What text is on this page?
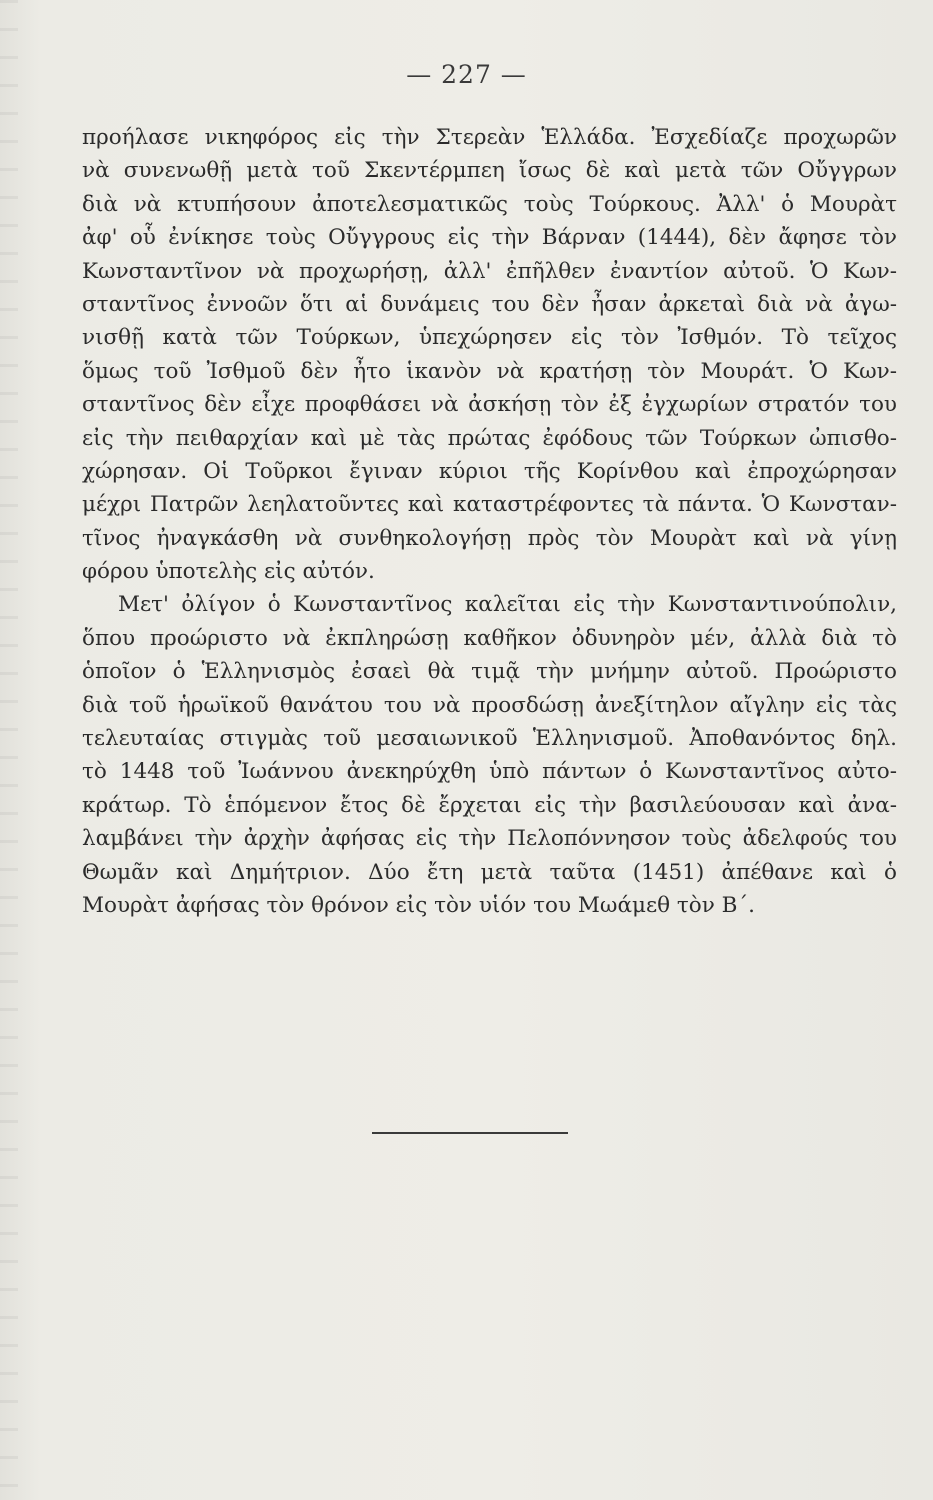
— 227 —
προήλασε νικηφόρος εἰς τὴν Στερεὰν Ἑλλάδα. Ἐσχεδίαζε προχωρῶν
νὰ συνενωθῇ μετὰ τοῦ Σκεντέρμπεη ἴσως δὲ καὶ μετὰ τῶν Οὔγγρων
διὰ νὰ κτυπήσουν ἀποτελεσματικῶς τοὺς Τούρκους. Ἀλλ' ὁ Μουρὰτ
ἀφ' οὗ ἐνίκησε τοὺς Οὔγγρους εἰς τὴν Βάρναν (1444), δὲν ἄφησε τὸν
Κωνσταντῖνον νὰ προχωρήσῃ, ἀλλ' ἐπῆλθεν ἐναντίον αὐτοῦ. Ὁ Κων-
σταντῖνος ἐννοῶν ὅτι αἱ δυνάμεις του δὲν ἦσαν ἀρκεταὶ διὰ νὰ ἀγω-
νισθῇ κατὰ τῶν Τούρκων, ὑπεχώρησεν εἰς τὸν Ἰσθμόν. Τὸ τεῖχος
ὅμως τοῦ Ἰσθμοῦ δὲν ἦτο ἱκανὸν νὰ κρατήσῃ τὸν Μουράτ. Ὁ Κων-
σταντῖνος δὲν εἶχε προφθάσει νὰ ἀσκήσῃ τὸν ἐξ ἐγχωρίων στρατόν του
εἰς τὴν πειθαρχίαν καὶ μὲ τὰς πρώτας ἐφόδους τῶν Τούρκων ὠπισθο-
χώρησαν. Οἱ Τοῦρκοι ἔγιναν κύριοι τῆς Κορίνθου καὶ ἐπροχώρησαν
μέχρι Πατρῶν λεηλατοῦντες καὶ καταστρέφοντες τὰ πάντα. Ὁ Κωνσταν-
τῖνος ἠναγκάσθη νὰ συνθηκολογήσῃ πρὸς τὸν Μουρὰτ καὶ νὰ γίνῃ
φόρου ὑποτελὴς εἰς αὐτόν.
Μετ' ὀλίγον ὁ Κωνσταντῖνος καλεῖται εἰς τὴν Κωνσταντινούπολιν,
ὅπου προώριστο νὰ ἐκπληρώσῃ καθῆκον ὀδυνηρὸν μέν, ἀλλὰ διὰ τὸ
ὁποῖον ὁ Ἑλληνισμὸς ἐσαεὶ θὰ τιμᾷ τὴν μνήμην αὐτοῦ. Προώριστο
διὰ τοῦ ἡρωϊκοῦ θανάτου του νὰ προσδώσῃ ἀνεξίτηλον αἴγλην εἰς τὰς
τελευταίας στιγμὰς τοῦ μεσαιωνικοῦ Ἑλληνισμοῦ. Ἀποθανόντος δηλ.
τὸ 1448 τοῦ Ἰωάννου ἀνεκηρύχθη ὑπὸ πάντων ὁ Κωνσταντῖνος αὐτο-
κράτωρ. Τὸ ἑπόμενον ἔτος δὲ ἔρχεται εἰς τὴν βασιλεύουσαν καὶ ἀνα-
λαμβάνει τὴν ἀρχὴν ἀφήσας εἰς τὴν Πελοπόννησον τοὺς ἀδελφούς του
Θωμᾶν καὶ Δημήτριον. Δύο ἔτη μετὰ ταῦτα (1451) ἀπέθανε καὶ ὁ
Μουρὰτ ἀφήσας τὸν θρόνον εἰς τὸν υἱόν του Μωάμεθ τὸν Β΄.
